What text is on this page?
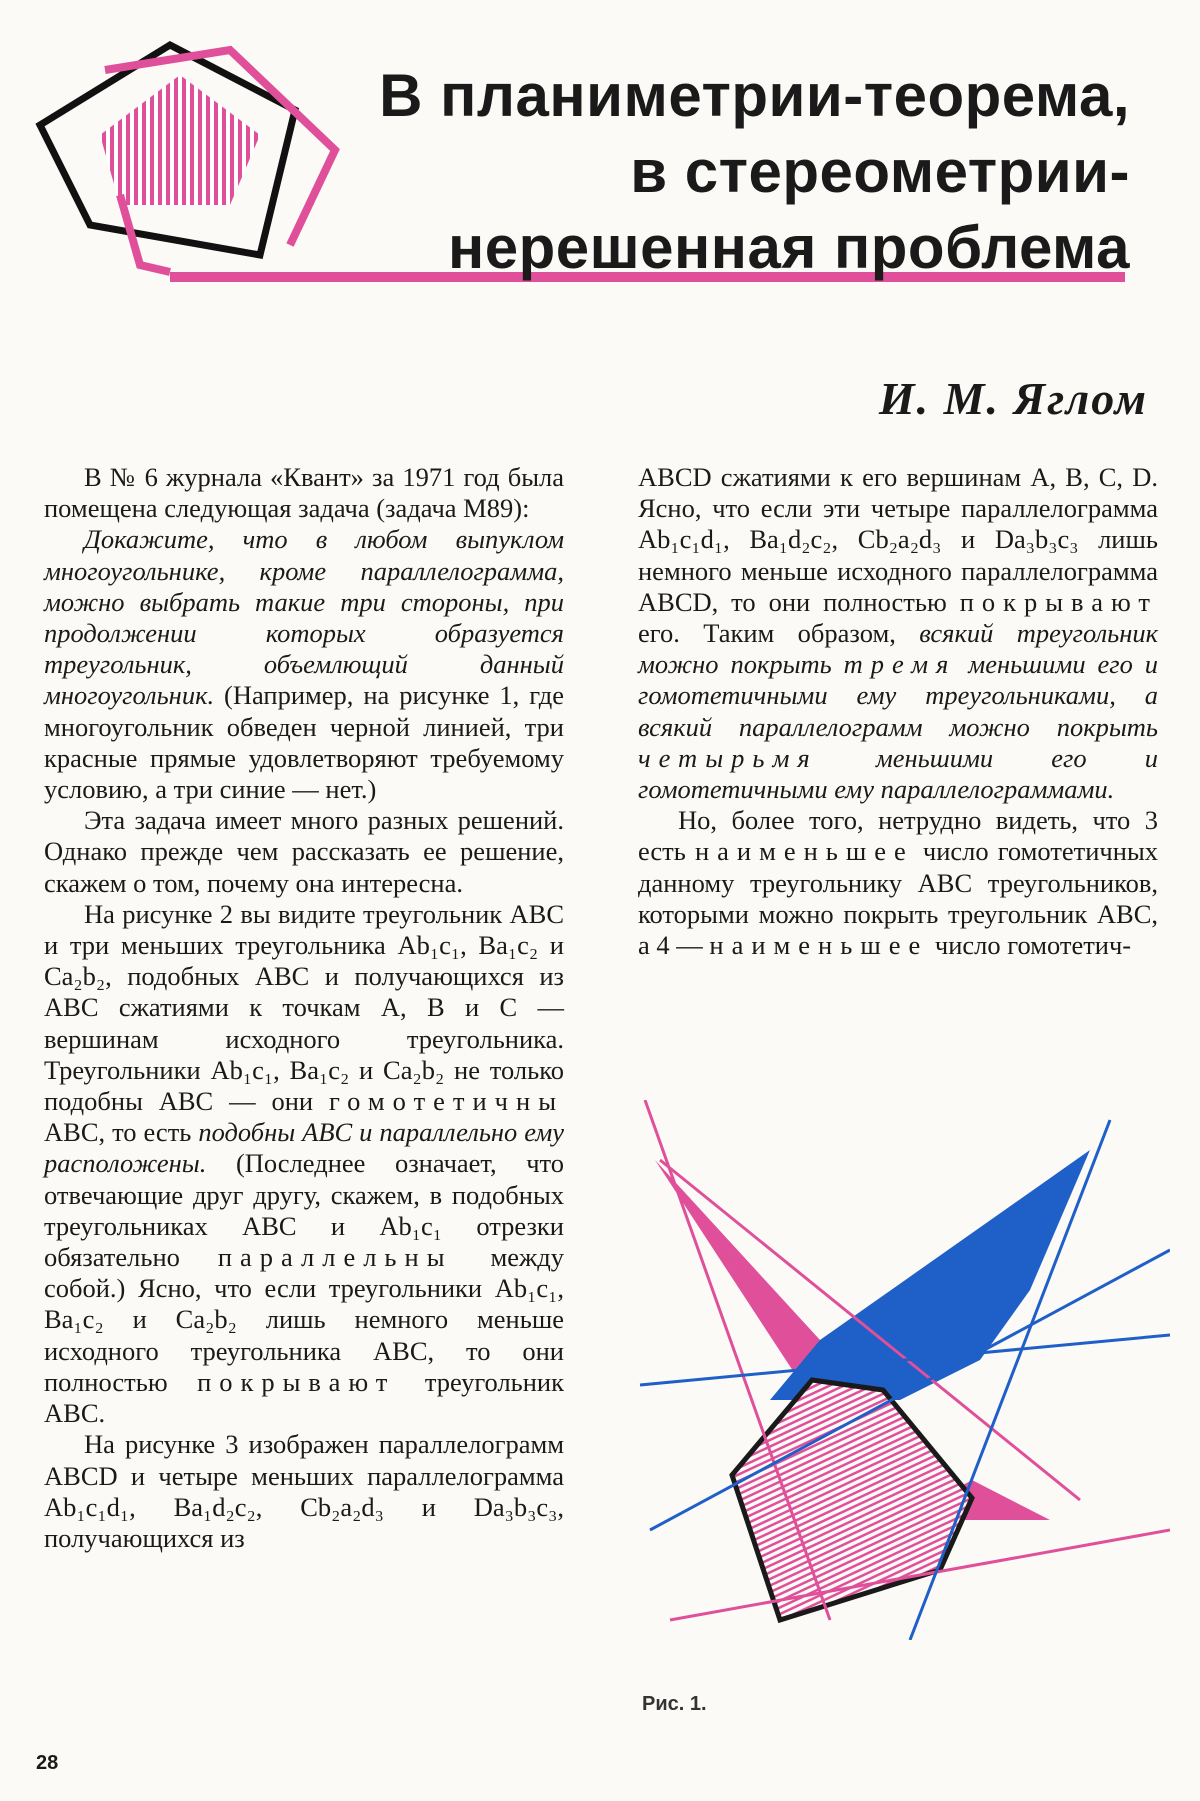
В планиметрии-теорема,
в стереометрии-
нерешенная проблема
И. М. Яглом

В № 6 журнала «Квант» за 1971 год была помещена следующая задача (задача М89):

Докажите, что в любом выпуклом многоугольнике, кроме параллелограмма, можно выбрать такие три стороны, при продолжении которых образуется треугольник, объемлющий данный многоугольник. (Например, на рисунке 1, где многоугольник обведен черной линией, три красные прямые удовлетворяют требуемому условию, а три синие — нет.)

Эта задача имеет много разных решений. Однако прежде чем рассказать ее решение, скажем о том, почему она интересна.

На рисунке 2 вы видите треугольник ABC и три меньших треугольника Ab₁c₁, Ba₁c₂ и Ca₂b₂, подобных ABC и получающихся из ABC сжатиями к точкам A, B и C — вершинам исходного треугольника. Треугольники Ab₁c₁, Ba₁c₂ и Ca₂b₂ не только подобны ABC — они гомотетичны ABC, то есть подобны ABC и параллельно ему расположены. (Последнее означает, что отвечающие друг другу, скажем, в подобных треугольниках ABC и Ab₁c₁ отрезки обязательно параллельны между собой.) Ясно, что если треугольники Ab₁c₁, Ba₁c₂ и Ca₂b₂ лишь немного меньше исходного треугольника ABC, то они полностью покрывают треугольник ABC.

На рисунке 3 изображен параллелограмм ABCD и четыре меньших параллелограмма Ab₁c₁d₁, Ba₁d₂c₂, Cb₂a₂d₃ и Da₃b₃c₃, получающихся из

ABCD сжатиями к его вершинам A, B, C, D. Ясно, что если эти четыре параллелограмма Ab₁c₁d₁, Ba₁d₂c₂, Cb₂a₂d₃ и Da₃b₃c₃ лишь немного меньше исходного параллелограмма ABCD, то они полностью покрывают его. Таким образом, всякий треугольник можно покрыть тремя меньшими его и гомотетичными ему треугольниками, а всякий параллелограмм можно покрыть четырьмя меньшими его и гомотетичными ему параллелограммами.

Но, более того, нетрудно видеть, что 3 есть наименьшее число гомотетичных данному треугольнику ABC треугольников, которыми можно покрыть треугольник ABC, а 4 — наименьшее число гомотетич-

Рис. 1.
28
